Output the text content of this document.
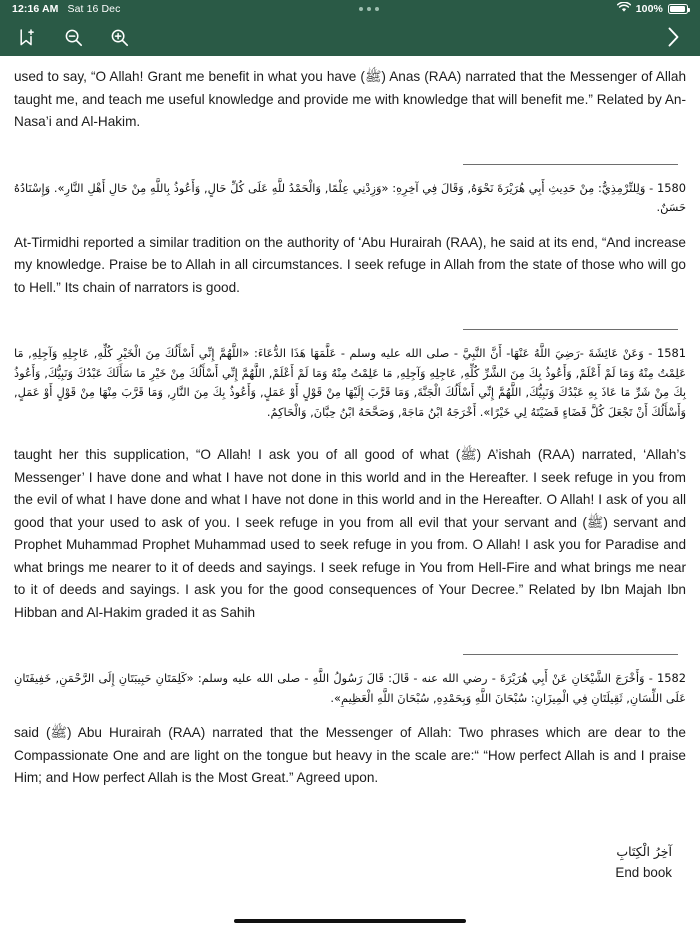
12:16 AM Sat 16 Dec	100%

used to say, “O Allah! Grant me benefit in what you have (ﷺ) Anas (RAA) narrated that the Messenger of Allah taught me, and teach me useful knowledge and provide me with knowledge that will benefit me.” Related by An-Nasa’i and Al-Hakim.

1580 - وَلِلتِّرْمِذِيُّ: مِنْ حَدِيثِ أَبِي هُرَيْرَةَ نَحْوَهُ, وَقَالَ فِي آخِرِهِ: «وَزِدْنِي عِلْمًا, وَالْحَمْدُ للَّهِ عَلَى كُلِّ حَالٍ, وَأَعُوذُ بِاللَّهِ مِنْ حَالِ أَهْلِ النَّارِ». وَإِسْنَادُهُ حَسَنٌ.

At-Tirmidhi reported a similar tradition on the authority of ʻAbu Hurairah (RAA), he said at its end, “And increase my knowledge. Praise be to Allah in all circumstances. I seek refuge in Allah from the state of those who will go to Hell.” Its chain of narrators is good.

1581 - وَعَنْ عَائِشَةَ -رَضِيَ اللَّهُ عَنْهَا- أَنَّ النَّبِيَّ - صلى الله عليه وسلم - عَلَّمَهَا هَذَا الدُّعَاءَ: «اللَّهُمَّ إِنِّي أَسْأَلُكَ مِنَ الْخَيْرِ كُلِّهِ, عَاجِلِهِ وَآجِلِهِ, مَا عَلِمْتُ مِنْهُ وَمَا لَمْ أَعْلَمْ, وَأَعُوذُ بِكَ مِنَ الشَّرِّ كُلِّهِ, عَاجِلِهِ وَآجِلِهِ, مَا عَلِمْتُ مِنْهُ وَمَا لَمْ أَعْلَمْ, اللَّهُمَّ إِنِّي أَسْأَلُكَ مِنْ خَيْرِ مَا سَأَلَكَ عَبْدُكَ وَنَبِيُّكَ, وَأَعُوذُ بِكَ مِنْ شَرِّ مَا عَاذَ بِهِ عَبْدُكَ وَنَبِيُّكَ, اللَّهُمَّ إِنِّي أَسْأَلُكَ الْجَنَّةَ, وَمَا قَرَّبَ إِلَيْهَا مِنْ قَوْلٍ أَوْ عَمَلٍ, وَأَعُوذُ بِكَ مِنَ النَّارِ, وَمَا قَرَّبَ مِنْهَا مِنْ قَوْلٍ أَوْ عَمَلٍ, وَأَسْأَلُكَ أَنْ تَجْعَلَ كُلَّ قَضَاءٍ قَضَيْتَهُ لِي خَيْرًا». أَخْرَجَهُ ابْنُ مَاجَهْ, وَصَحَّحَهُ ابْنُ حِبَّانَ, وَالْحَاكِمُ.

taught her this supplication, “O Allah! I ask you of all good of what (ﷺ) A’ishah (RAA) narrated, ‘Allah’s Messenger’ I have done and what I have not done in this world and in the Hereafter. I seek refuge in you from the evil of what I have done and what I have not done in this world and in the Hereafter. O Allah! I ask of you all good that your used to ask of you. I seek refuge in you from all evil that your servant and (ﷺ) servant and Prophet Muhammad Prophet Muhammad used to seek refuge in you from. O Allah! I ask you for Paradise and what brings me nearer to it of deeds and sayings. I seek refuge in You from Hell-Fire and what brings me near to it of deeds and sayings. I ask you for the good consequences of Your Decree.” Related by Ibn Majah Ibn Hibban and Al-Hakim graded it as Sahih

1582 - وَأَخْرَجَ الشَّيْخَانِ عَنْ أَبِي هُرَيْرَةَ - رضي الله عنه - قَالَ: قَالَ رَسُولُ اللَّهِ - صلى الله عليه وسلم: «كَلِمَتَانِ حَبِيبَتَانِ إِلَى الرَّحْمَنِ, خَفِيفَتَانِ عَلَى اللِّسَانِ, ثَقِيلَتَانِ فِي الْمِيزَانِ: سُبْحَانَ اللَّهِ وَبِحَمْدِهِ, سُبْحَانَ اللَّهِ الْعَظِيمِ».

said (ﷺ) Abu Hurairah (RAA) narrated that the Messenger of Allah: Two phrases which are dear to the Compassionate One and are light on the tongue but heavy in the scale are:“ “How perfect Allah is and I praise Him; and How perfect Allah is the Most Great.” Agreed upon.

آخِرُ الْكِتَابِ
End book
